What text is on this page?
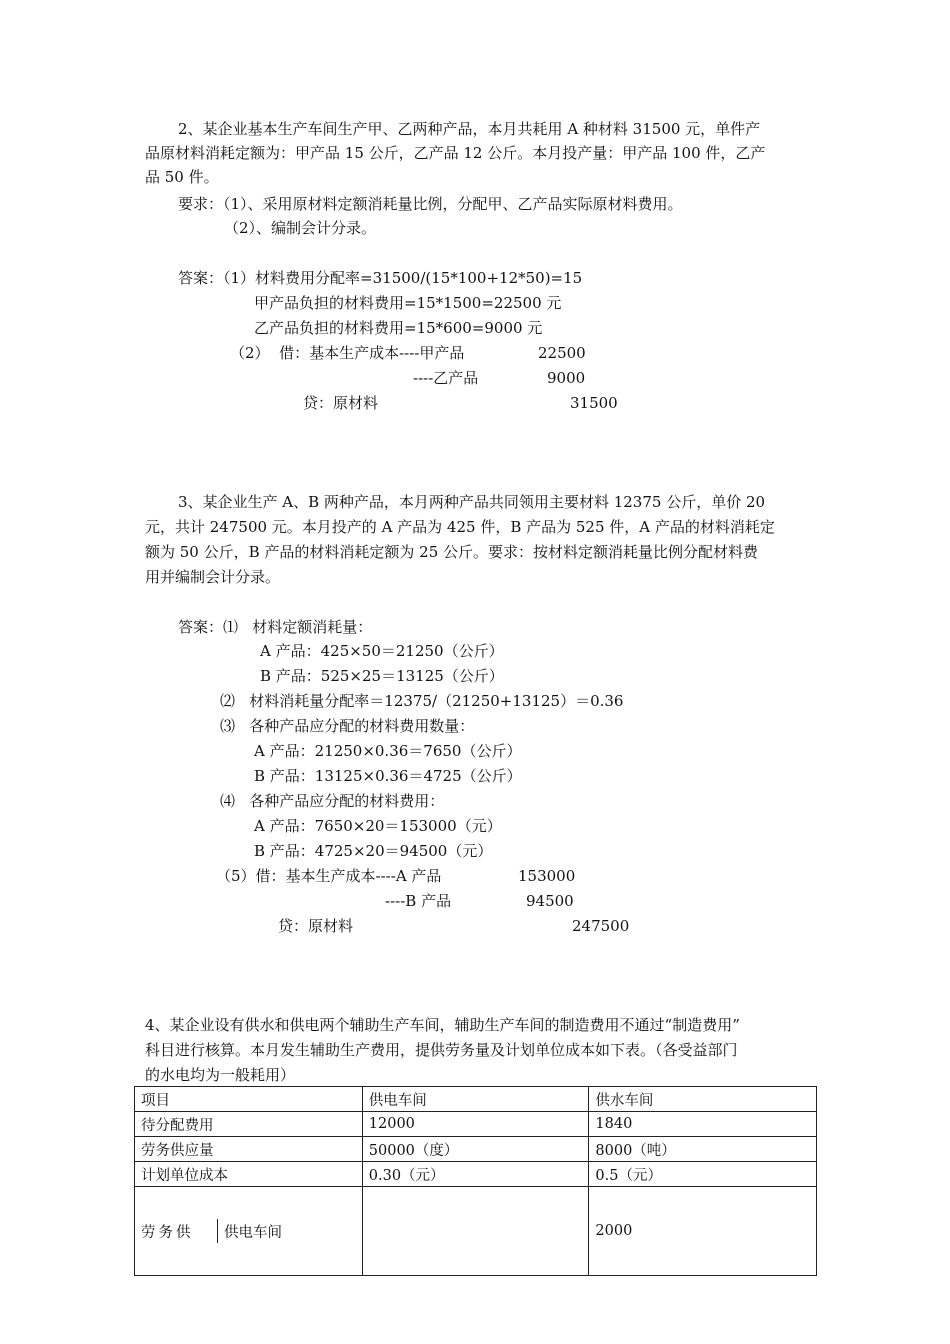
2、某企业基本生产车间生产甲、乙两种产品，本月共耗用 A 种材料 31500 元，单件产
品原材料消耗定额为：甲产品 15 公斤，乙产品 12 公斤。本月投产量：甲产品 100 件，乙产
品 50 件。
要求：（1）、采用原材料定额消耗量比例，分配甲、乙产品实际原材料费用。
（2）、编制会计分录。
答案：（1）材料费用分配率=31500/(15*100+12*50)=15
甲产品负担的材料费用=15*1500=22500 元
乙产品负担的材料费用=15*600=9000 元
（2）  借：基本生产成本----甲产品	22500
----乙产品	9000
贷：原材料	31500
3、某企业生产 A、B 两种产品，本月两种产品共同领用主要材料 12375 公斤，单价 20
元，共计 247500 元。本月投产的 A 产品为 425 件，B 产品为 525 件，A 产品的材料消耗定
额为 50 公斤，B 产品的材料消耗定额为 25 公斤。要求：按材料定额消耗量比例分配材料费
用并编制会计分录。
答案：⑴   材料定额消耗量：
A 产品：425×50＝21250（公斤）
B 产品：525×25＝13125（公斤）
⑵   材料消耗量分配率＝12375/（21250+13125）＝0.36
⑶   各种产品应分配的材料费用数量：
A 产品：21250×0.36＝7650（公斤）
B 产品：13125×0.36＝4725（公斤）
⑷   各种产品应分配的材料费用：
A 产品：7650×20＝153000（元）
B 产品：4725×20＝94500（元）
（5）借：基本生产成本----A 产品	153000
----B 产品	94500
贷：原材料	247500
4、某企业设有供水和供电两个辅助生产车间，辅助生产车间的制造费用不通过“制造费用”
科目进行核算。本月发生辅助生产费用，提供劳务量及计划单位成本如下表。（各受益部门
的水电均为一般耗用）
项目	供电车间	供水车间
待分配费用	12000	1840
劳务供应量	50000（度）	8000（吨）
计划单位成本	0.30（元）	0.5（元）

劳务供 供电车间		2000
